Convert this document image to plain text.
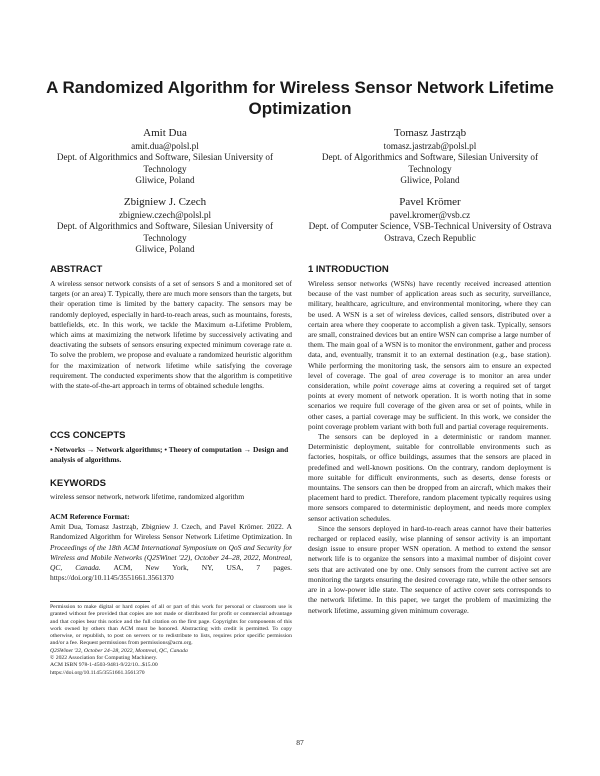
A Randomized Algorithm for Wireless Sensor Network Lifetime Optimization
Amit Dua
amit.dua@polsl.pl
Dept. of Algorithmics and Software, Silesian University of Technology
Gliwice, Poland
Tomasz Jastrząb
tomasz.jastrzab@polsl.pl
Dept. of Algorithmics and Software, Silesian University of Technology
Gliwice, Poland
Zbigniew J. Czech
zbigniew.czech@polsl.pl
Dept. of Algorithmics and Software, Silesian University of Technology
Gliwice, Poland
Pavel Krömer
pavel.kromer@vsb.cz
Dept. of Computer Science, VSB-Technical University of Ostrava
Ostrava, Czech Republic
ABSTRACT

A wireless sensor network consists of a set of sensors S and a monitored set of targets (or an area) T. Typically, there are much more sensors than the targets, but their operation time is limited by the battery capacity. The sensors may be randomly deployed, especially in hard-to-reach areas, such as mountains, forests, battlefields, etc. In this work, we tackle the Maximum α-Lifetime Problem, which aims at maximizing the network lifetime by successively activating and deactivating the subsets of sensors ensuring expected minimum coverage rate α. To solve the problem, we propose and evaluate a randomized heuristic algorithm for the maximization of network lifetime while satisfying the coverage requirement. The conducted experiments show that the algorithm is competitive with the state-of-the-art approach in terms of obtained schedule lengths.

CCS CONCEPTS
• Networks → Network algorithms; • Theory of computation → Design and analysis of algorithms.
KEYWORDS
wireless sensor network, network lifetime, randomized algorithm
ACM Reference Format:

Amit Dua, Tomasz Jastrząb, Zbigniew J. Czech, and Pavel Krömer. 2022. A Randomized Algorithm for Wireless Sensor Network Lifetime Optimization. In Proceedings of the 18th ACM International Symposium on QoS and Security for Wireless and Mobile Networks (Q2SWinet '22), October 24–28, 2022, Montreal, QC, Canada. ACM, New York, NY, USA, 7 pages. https://doi.org/10.1145/3551661.3561370

Permission to make digital or hard copies of all or part of this work for personal or classroom use is granted without fee provided that copies are not made or distributed for profit or commercial advantage and that copies bear this notice and the full citation on the first page. Copyrights for components of this work owned by others than ACM must be honored. Abstracting with credit is permitted. To copy otherwise, or republish, to post on servers or to redistribute to lists, requires prior specific permission and/or a fee. Request permissions from permissions@acm.org.

Q2SWinet '22, October 24–28, 2022, Montreal, QC, Canada
© 2022 Association for Computing Machinery.
ACM ISBN 978-1-4503-9481-9/22/10...$15.00
https://doi.org/10.1145/3551661.3561370
1 INTRODUCTION

Wireless sensor networks (WSNs) have recently received increased attention because of the vast number of application areas such as security, surveillance, military, healthcare, agriculture, and environmental monitoring, where they can be used. A WSN is a set of wireless devices, called sensors, distributed over a certain area where they cooperate to accomplish a given task. Typically, sensors are small, constrained devices but an entire WSN can comprise a large number of them. The main goal of a WSN is to monitor the environment, gather and process data, and, eventually, transmit it to an external destination (e.g., base station). While performing the monitoring task, the sensors aim to ensure an expected level of coverage. The goal of area coverage is to monitor an area under consideration, while point coverage aims at covering a required set of target points at every moment of network operation. It is worth noting that in some scenarios we require full coverage of the given area or set of points, while in other cases, a partial coverage may be sufficient. In this work, we consider the point coverage problem variant with both full and partial coverage requirements.

The sensors can be deployed in a deterministic or random manner. Deterministic deployment, suitable for controllable environments such as factories, hospitals, or office buildings, assumes that the sensors are placed in predefined and well-known positions. On the contrary, random deployment is more suitable for difficult environments, such as deserts, dense forests or mountains. The sensors can then be dropped from an aircraft, which makes their placement hard to predict. Therefore, random placement typically requires using more sensors compared to deterministic deployment, and needs more complex sensor activation schedules.

Since the sensors deployed in hard-to-reach areas cannot have their batteries recharged or replaced easily, wise planning of sensor activity is an important design issue to ensure proper WSN operation. A method to extend the sensor network life is to organize the sensors into a maximal number of disjoint cover sets that are activated one by one. Only sensors from the current active set are monitoring the targets ensuring the desired coverage rate, while the other sensors are in a low-power idle state. The sequence of active cover sets corresponds to the network lifetime. In this paper, we target the problem of maximizing the network lifetime, assuming given minimum coverage.

87
